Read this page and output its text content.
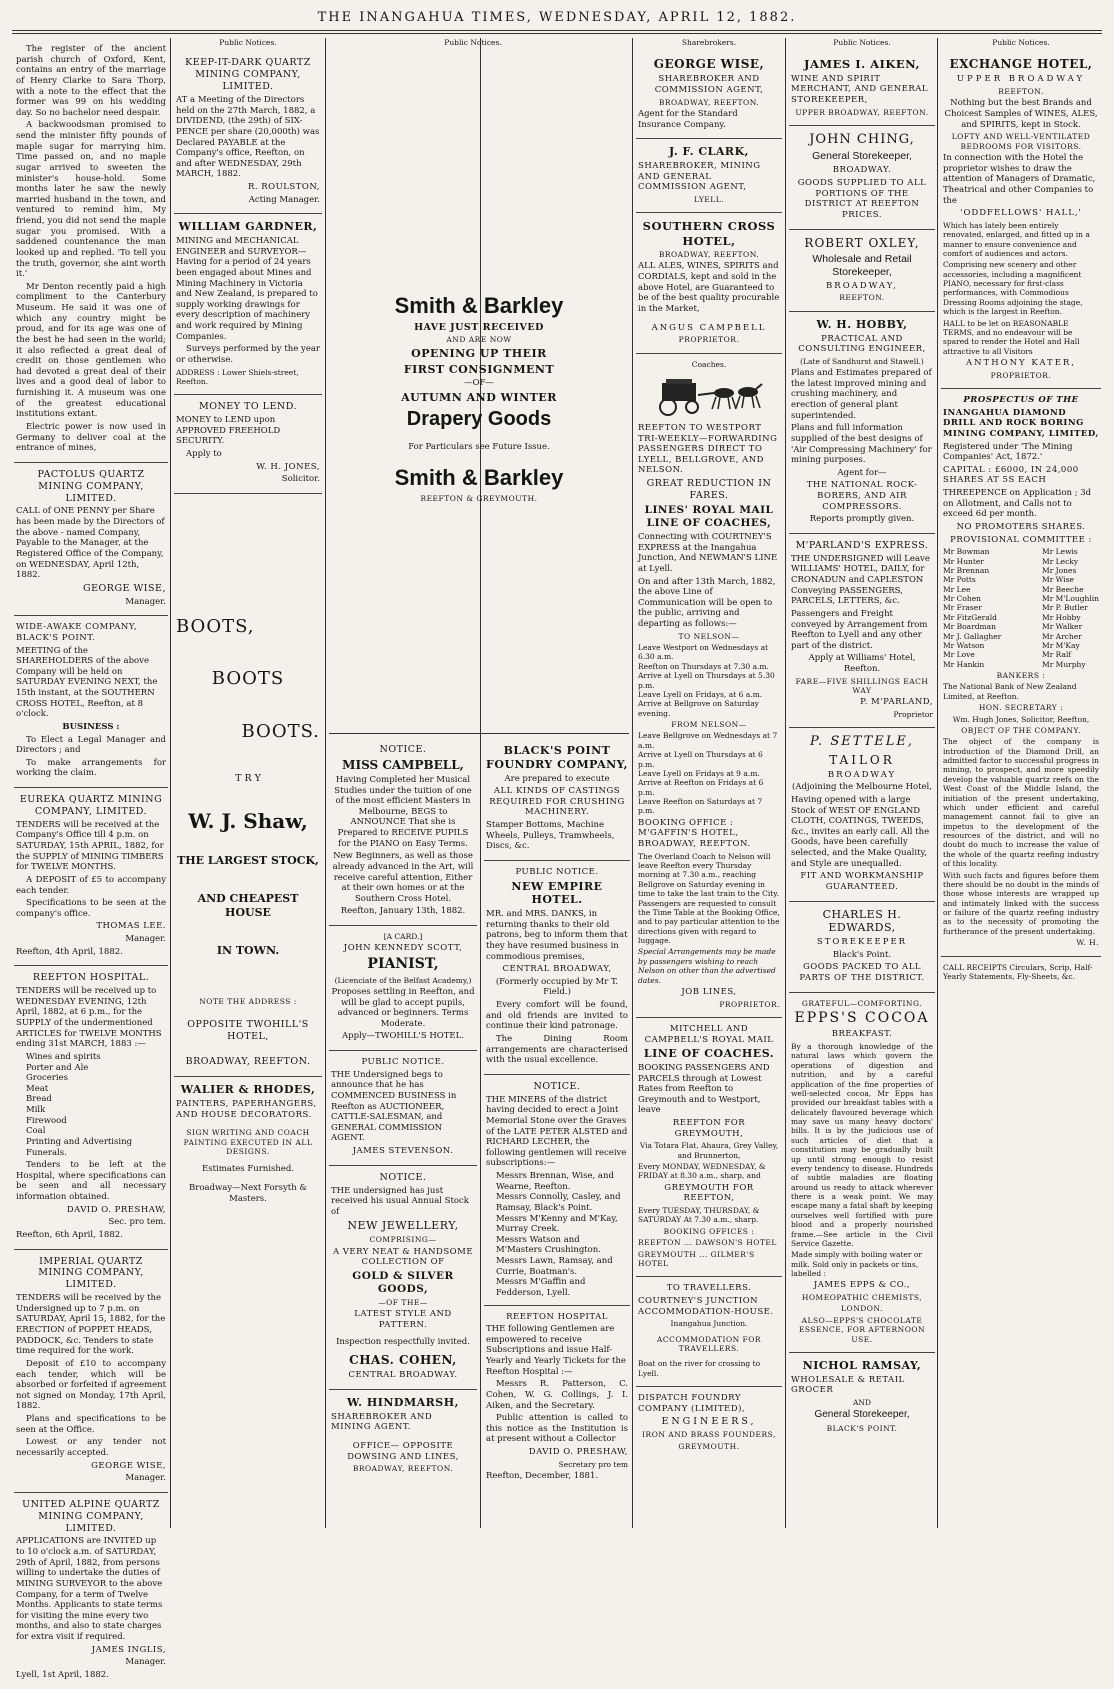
THE INANGAHUA TIMES, WEDNESDAY, APRIL 12, 1882.

The register of the ancient parish church of Oxford, Kent, contains an entry of the marriage of Henry Clarke to Sara Thorp, with a note to the effect that the former was 99 on his wedding day. So no bachelor need despair.

A backwoodsman promised to send the minister fifty pounds of maple sugar for marrying him. Time passed on, and no maple sugar arrived to sweeten the minister's house-hold. Some months later he saw the newly married husband in the town, and ventured to remind him, My friend, you did not send the maple sugar you promised. With a saddened countenance the man looked up and replied. 'To tell you the truth, governor, she aint worth it.'

Mr Denton recently paid a high compliment to the Canterbury Museum. He said it was one of which any country might be proud, and for its age was one of the best he had seen in the world; it also reflected a great deal of credit on those gentlemen who had devoted a great deal of their lives and a good deal of labor to furnishing it. A museum was one of the greatest educational institutions extant.

Electric power is now used in Germany to deliver coal at the entrance of mines,

PACTOLUS QUARTZ MINING COMPANY, LIMITED.

CALL of ONE PENNY per Share has been made by the Directors of the above - named Company, Payable to the Manager, at the Registered Office of the Company, on WEDNESDAY, April 12th, 1882.

GEORGE WISE,

Manager.

WIDE-AWAKE COMPANY, BLACK'S POINT.

MEETING of the SHAREHOLDERS of the above Company will be held on SATURDAY EVENING NEXT, the 15th instant, at the SOUTHERN CROSS HOTEL, Reefton, at 8 o'clock.

BUSINESS :

To Elect a Legal Manager and Directors ; and

To make arrangements for working the claim.

EUREKA QUARTZ MINING COMPANY, LIMITED.

TENDERS will be received at the Company's Office till 4 p.m. on SATURDAY, 15th APRIL, 1882, for the SUPPLY of MINING TIMBERS for TWELVE MONTHS.

A DEPOSIT of £5 to accompany each tender.

Specifications to be seen at the company's office.

THOMAS LEE.

Manager.

Reefton, 4th April, 1882.

REEFTON HOSPITAL.

TENDERS will be received up to WEDNESDAY EVENING, 12th April, 1882, at 6 p.m., for the SUPPLY of the undermentioned ARTICLES for TWELVE MONTHS ending 31st MARCH, 1883 :—

Wines and spirits
Porter and Ale
Groceries
Meat
Bread
Milk
Firewood
Coal
Printing and Advertising
Funerals.

Tenders to be left at the Hospital, where specifications can be seen and all necessary information obtained.

DAVID O. PRESHAW,

Sec. pro tem.

Reefton, 6th April, 1882.

IMPERIAL QUARTZ MINING COMPANY, LIMITED.

TENDERS will be received by the Undersigned up to 7 p.m. on SATURDAY, April 15, 1882, for the ERECTION of POPPET HEADS, PADDOCK, &c. Tenders to state time required for the work.

Deposit of £10 to accompany each tender, which will be absorbed or forfeited if agreement not signed on Monday, 17th April, 1882.

Plans and specifications to be seen at the Office.

Lowest or any tender not necessarily accepted.

GEORGE WISE,

Manager.

UNITED ALPINE QUARTZ MINING COMPANY, LIMITED.

APPLICATIONS are INVITED up to 10 o'clock a.m. of SATURDAY, 29th of April, 1882, from persons willing to undertake the duties of MINING SURVEYOR to the above Company, for a term of Twelve Months. Applicants to state terms for visiting the mine every two months, and also to state charges for extra visit if required.

JAMES INGLIS,

Manager.

Lyell, 1st April, 1882.

Public Notices.

KEEP-IT-DARK QUARTZ MINING COMPANY, LIMITED.

AT a Meeting of the Directors held on the 27th March, 1882, a DIVIDEND, (the 29th) of SIX-PENCE per share (20,000th) was Declared PAYABLE at the Company's office, Reefton, on and after WEDNESDAY, 29th MARCH, 1882.

R. ROULSTON,

Acting Manager.

WILLIAM GARDNER,

MINING and MECHANICAL ENGINEER and SURVEYOR—Having for a period of 24 years been engaged about Mines and Mining Machinery in Victoria and New Zealand, is prepared to supply working drawings for every description of machinery and work required by Mining Companies.

Surveys performed by the year or otherwise.

ADDRESS : Lower Shiels-street, Reefton.

MONEY TO LEND.

MONEY to LEND upon APPROVED FREEHOLD SECURITY.

Apply to

W. H. JONES,

Solicitor.

BOOTS,

BOOTS

BOOTS.

T R Y

W. J. Shaw,

THE LARGEST STOCK,

AND CHEAPEST HOUSE

IN TOWN.

NOTE THE ADDRESS :

OPPOSITE TWOHILL'S HOTEL,

BROADWAY, REEFTON.

WALIER & RHODES,

PAINTERS, PAPERHANGERS, AND HOUSE DECORATORS.

SIGN WRITING AND COACH PAINTING EXECUTED IN ALL DESIGNS.

Estimates Furnished.

Broadway—Next Forsyth & Masters.

Public Notices.

Smith & Barkley

HAVE JUST RECEIVED

AND ARE NOW

OPENING UP THEIR

FIRST CONSIGNMENT

—OF—

AUTUMN AND WINTER

Drapery Goods

For Particulars see Future Issue.

Smith & Barkley

REEFTON & GREYMOUTH.

NOTICE.

MISS CAMPBELL,

Having Completed her Musical Studies under the tuition of one of the most efficient Masters in Melbourne, BEGS to ANNOUNCE That she is Prepared to RECEIVE PUPILS for the PIANO on Easy Terms.

New Beginners, as well as those already advanced in the Art, will receive careful attention, Either at their own homes or at the Southern Cross Hotel.

Reefton, January 13th, 1882.

[A CARD.]

JOHN KENNEDY SCOTT,

PIANIST,

(Licenciate of the Belfast Academy,)

Proposes settling in Reefton, and will be glad to accept pupils, advanced or beginners. Terms Moderate.

Apply—TWOHILL'S HOTEL.

PUBLIC NOTICE.

THE Undersigned begs to announce that he has COMMENCED BUSINESS in Reefton as AUCTIONEER, CATTLE-SALESMAN, and GENERAL COMMISSION AGENT.

JAMES STEVENSON.

NOTICE.

THE undersigned has just received his usual Annual Stock of

NEW JEWELLERY,

COMPRISING—

A VERY NEAT & HANDSOME COLLECTION OF

GOLD & SILVER GOODS,

—OF THE—

LATEST STYLE AND PATTERN.

Inspection respectfully invited.

CHAS. COHEN,

CENTRAL BROADWAY.

W. HINDMARSH,

SHAREBROKER AND MINING AGENT.

OFFICE— OPPOSITE DOWSING AND LINES,

BROADWAY, REEFTON.

BLACK'S POINT FOUNDRY COMPANY,

Are prepared to execute

ALL KINDS OF CASTINGS REQUIRED FOR CRUSHING MACHINERY.

Stamper Bottoms, Machine Wheels, Pulleys, Tramwheels, Discs, &c.

PUBLIC NOTICE.

NEW EMPIRE HOTEL.

MR. and MRS. DANKS, in returning thanks to their old patrons, beg to inform them that they have resumed business in commodious premises,

CENTRAL BROADWAY,

(Formerly occupied by Mr T. Field.)

Every comfort will be found, and old friends are invited to continue their kind patronage.

The Dining Room arrangements are characterised with the usual excellence.

NOTICE.

THE MINERS of the district having decided to erect a Joint Memorial Stone over the Graves of the LATE PETER ALSTED and RICHARD LECHER, the following gentlemen will receive subscriptions:—

Messrs Brennan, Wise, and Wearne, Reefton.
Messrs Connolly, Casley, and Ramsay, Black's Point.
Messrs M'Kenny and M'Kay, Murray Creek.
Messrs Watson and M'Masters Crushington.
Messrs Lawn, Ramsay, and Currie, Boatman's.
Messrs M'Gaffin and Fedderson, Lyell.

REEFTON HOSPITAL

THE following Gentlemen are empowered to receive Subscriptions and issue Half-Yearly and Yearly Tickets for the Reefton Hospital :—

Messrs R. Patterson, C. Cohen, W. G. Collings, J. I. Aiken, and the Secretary.

Public attention is called to this notice as the Institution is at present without a Collector

DAVID O. PRESHAW,

Secretary pro tem

Reefton, December, 1881.

Sharebrokers.

GEORGE WISE,

SHAREBROKER AND COMMISSION AGENT,

BROADWAY, REEFTON.

Agent for the Standard Insurance Company.

J. F. CLARK,

SHAREBROKER, MINING AND GENERAL COMMISSION AGENT,

LYELL.

SOUTHERN CROSS HOTEL,

BROADWAY, REEFTON.

ALL ALES, WINES, SPIRITS and CORDIALS, kept and sold in the above Hotel, are Guaranteed to be of the best quality procurable in the Market,

ANGUS CAMPBELL

PROPRIETOR.

Coaches.

REEFTON TO WESTPORT TRI-WEEKLY—FORWARDING PASSENGERS DIRECT TO LYELL, BELLGROVE, AND NELSON.

GREAT REDUCTION IN FARES.

LINES' ROYAL MAIL LINE OF COACHES,

Connecting with COURTNEY'S EXPRESS at the Inangahua Junction, And NEWMAN'S LINE at Lyell.

On and after 13th March, 1882, the above Line of Communication will be open to the public, arriving and departing as follows:—

TO NELSON—

Leave Westport on Wednesdays at 6.30 a.m.
Reefton on Thursdays at 7.30 a.m.
Arrive at Lyell on Thursdays at 5.30 p.m.
Leave Lyell on Fridays, at 6 a.m.
Arrive at Bellgrove on Saturday evening.

FROM NELSON—

Leave Bellgrove on Wednesdays at 7 a.m.
Arrive at Lyell on Thursdays at 6 p.m.
Leave Lyell on Fridays at 9 a.m.
Arrive at Reefton on Fridays at 6 p.m.
Leave Reefton on Saturdays at 7 p.m.

BOOKING OFFICE : M'GAFFIN'S HOTEL, BROADWAY, REEFTON.

The Overland Coach to Nelson will leave Reefton every Thursday morning at 7.30 a.m., reaching Bellgrove on Saturday evening in time to take the last train to the City. Passengers are requested to consult the Time Table at the Booking Office, and to pay particular attention to the directions given with regard to luggage.

Special Arrangements may be made by passengers wishing to reach Nelson on other than the advertised dates.

JOB LINES,

PROPRIETOR.

MITCHELL AND CAMPBELL'S ROYAL MAIL

LINE OF COACHES.

BOOKING PASSENGERS AND PARCELS through at Lowest Rates from Reefton to Greymouth and to Westport, leave

REEFTON FOR GREYMOUTH,

Via Totara Flat, Ahaura, Grey Valley, and Brunnerton,

Every MONDAY, WEDNESDAY, & FRIDAY at 8.30 a.m., sharp, and

GREYMOUTH FOR REEFTON,

Every TUESDAY, THURSDAY, & SATURDAY At 7.30 a.m., sharp.

BOOKING OFFICES :

REEFTON ... DAWSON'S HOTEL

GREYMOUTH ... GILMER'S HOTEL

TO TRAVELLERS.

COURTNEY'S JUNCTION ACCOMMODATION-HOUSE.

Inangahua Junction.

ACCOMMODATION FOR TRAVELLERS.

Boat on the river for crossing to Lyell.

DISPATCH FOUNDRY COMPANY (LIMITED),

ENGINEERS,

IRON AND BRASS FOUNDERS,

GREYMOUTH.

Public Notices.

JAMES I. AIKEN,

WINE AND SPIRIT MERCHANT, AND GENERAL STOREKEEPER,

UPPER BROADWAY, REEFTON.

JOHN CHING,

General Storekeeper,

BROADWAY.

GOODS SUPPLIED TO ALL PORTIONS OF THE DISTRICT AT REEFTON PRICES.

ROBERT OXLEY,

Wholesale and Retail Storekeeper,

BROADWAY,

REEFTON.

W. H. HOBBY,

PRACTICAL AND CONSULTING ENGINEER,

(Late of Sandhurst and Stawell.)

Plans and Estimates prepared of the latest improved mining and crushing machinery, and erection of general plant superintended.

Plans and full information supplied of the best designs of 'Air Compressing Machinery' for mining purposes.

Agent for—

THE NATIONAL ROCK-BORERS, AND AIR COMPRESSORS.

Reports promptly given.

M'PARLAND'S EXPRESS.

THE UNDERSIGNED will Leave WILLIAMS' HOTEL, DAILY, for CRONADUN and CAPLESTON Conveying PASSENGERS, PARCELS, LETTERS, &c.

Passengers and Freight conveyed by Arrangement from Reefton to Lyell and any other part of the district.

Apply at Williams' Hotel, Reefton.

FARE—FIVE SHILLINGS EACH WAY

P. M'PARLAND,

Proprietor

P. SETTELE,

TAILOR

BROADWAY

(Adjoining the Melbourne Hotel,

Having opened with a large Stock of WEST OF ENGLAND CLOTH, COATINGS, TWEEDS, &c., invites an early call. All the Goods, have been carefully selected, and the Make Quality, and Style are unequalled.

FIT AND WORKMANSHIP GUARANTEED.

CHARLES H. EDWARDS,

STOREKEEPER

Black's Point.

GOODS PACKED TO ALL PARTS OF THE DISTRICT.

GRATEFUL—COMFORTING.

EPPS'S COCOA

BREAKFAST.

By a thorough knowledge of the natural laws which govern the operations of digestion and nutrition, and by a careful application of the fine properties of well-selected cocoa, Mr Epps has provided our breakfast tables with a delicately flavoured beverage which may save us many heavy doctors' bills. It is by the judicious use of such articles of diet that a constitution may be gradually built up until strong enough to resist every tendency to disease. Hundreds of subtle maladies are floating around us ready to attack wherever there is a weak point. We may escape many a fatal shaft by keeping ourselves well fortified with pure blood and a properly nourished frame.—See article in the Civil Service Gazette.

Made simply with boiling water or milk. Sold only in packets or tins, labelled :

JAMES EPPS & CO.,

HOMEOPATHIC CHEMISTS,

LONDON.

ALSO—EPPS'S CHOCOLATE ESSENCE, FOR AFTERNOON USE.

NICHOL RAMSAY,

WHOLESALE & RETAIL GROCER

AND

General Storekeeper,

BLACK'S POINT.

Public Notices.

EXCHANGE HOTEL,

UPPER BROADWAY

REEFTON.

Nothing but the best Brands and Choicest Samples of WINES, ALES, and SPIRITS, kept in Stock.

LOFTY AND WELL-VENTILATED BEDROOMS FOR VISITORS.

In connection with the Hotel the proprietor wishes to draw the attention of Managers of Dramatic, Theatrical and other Companies to the

'ODDFELLOWS' HALL,'

Which has lately been entirely renovated, enlarged, and fitted up in a manner to ensure convenience and comfort of audiences and actors.

Comprising new scenery and other accessories, including a magnificent PIANO, necessary for first-class performances, with Commodious Dressing Rooms adjoining the stage, which is the largest in Reefton.

HALL to be let on REASONABLE TERMS, and no endeavour will be spared to render the Hotel and Hall attractive to all Visitors

ANTHONY KATER,

PROPRIETOR.

PROSPECTUS OF THE

INANGAHUA DIAMOND DRILL AND ROCK BORING MINING COMPANY, LIMITED,

Registered under 'The Mining Companies' Act, 1872.'

CAPITAL : £6000, IN 24,000 SHARES AT 5S EACH

THREEPENCE on Application ; 3d on Allotment, and Calls not to exceed 6d per month.

NO PROMOTERS SHARES.

PROVISIONAL COMMITTEE :

Mr Bowman
Mr Hunter
Mr Brennan
Mr Potts
Mr Lee
Mr Cohen
Mr Fraser
Mr FitzGerald
Mr Boardman
Mr J. Gallagher
Mr Watson
Mr Love
Mr Hankin
Mr Lewis
Mr Lecky
Mr Jones
Mr Wise
Mr Beeche
Mr M'Loughlin
Mr P. Butler
Mr Hobby
Mr Walker
Mr Archer
Mr M'Kay
Mr Ralf
Mr Murphy

BANKERS :

The National Bank of New Zealand Limited, at Reefton.

HON. SECRETARY :

Wm. Hugh Jones, Solicitor, Reefton,

OBJECT OF THE COMPANY.

The object of the company is introduction of the Diamond Drill, an admitted factor to successful progress in mining, to prospect, and more speedily develop the valuable quartz reefs on the West Coast of the Middle Island, the initiation of the present undertaking, which under efficient and careful management cannot fail to give an impetus to the development of the resources of the district, and will no doubt do much to increase the value of the whole of the quartz reefing industry of this locality.

With such facts and figures before them there should be no doubt in the minds of those whose interests are wrapped up and intimately linked with the success or failure of the quartz reefing industry as to the necessity of promoting the furtherance of the present undertaking.

W. H.

CALL RECEIPTS Circulars, Scrip, Half-Yearly Statements, Fly-Sheets, &c.
